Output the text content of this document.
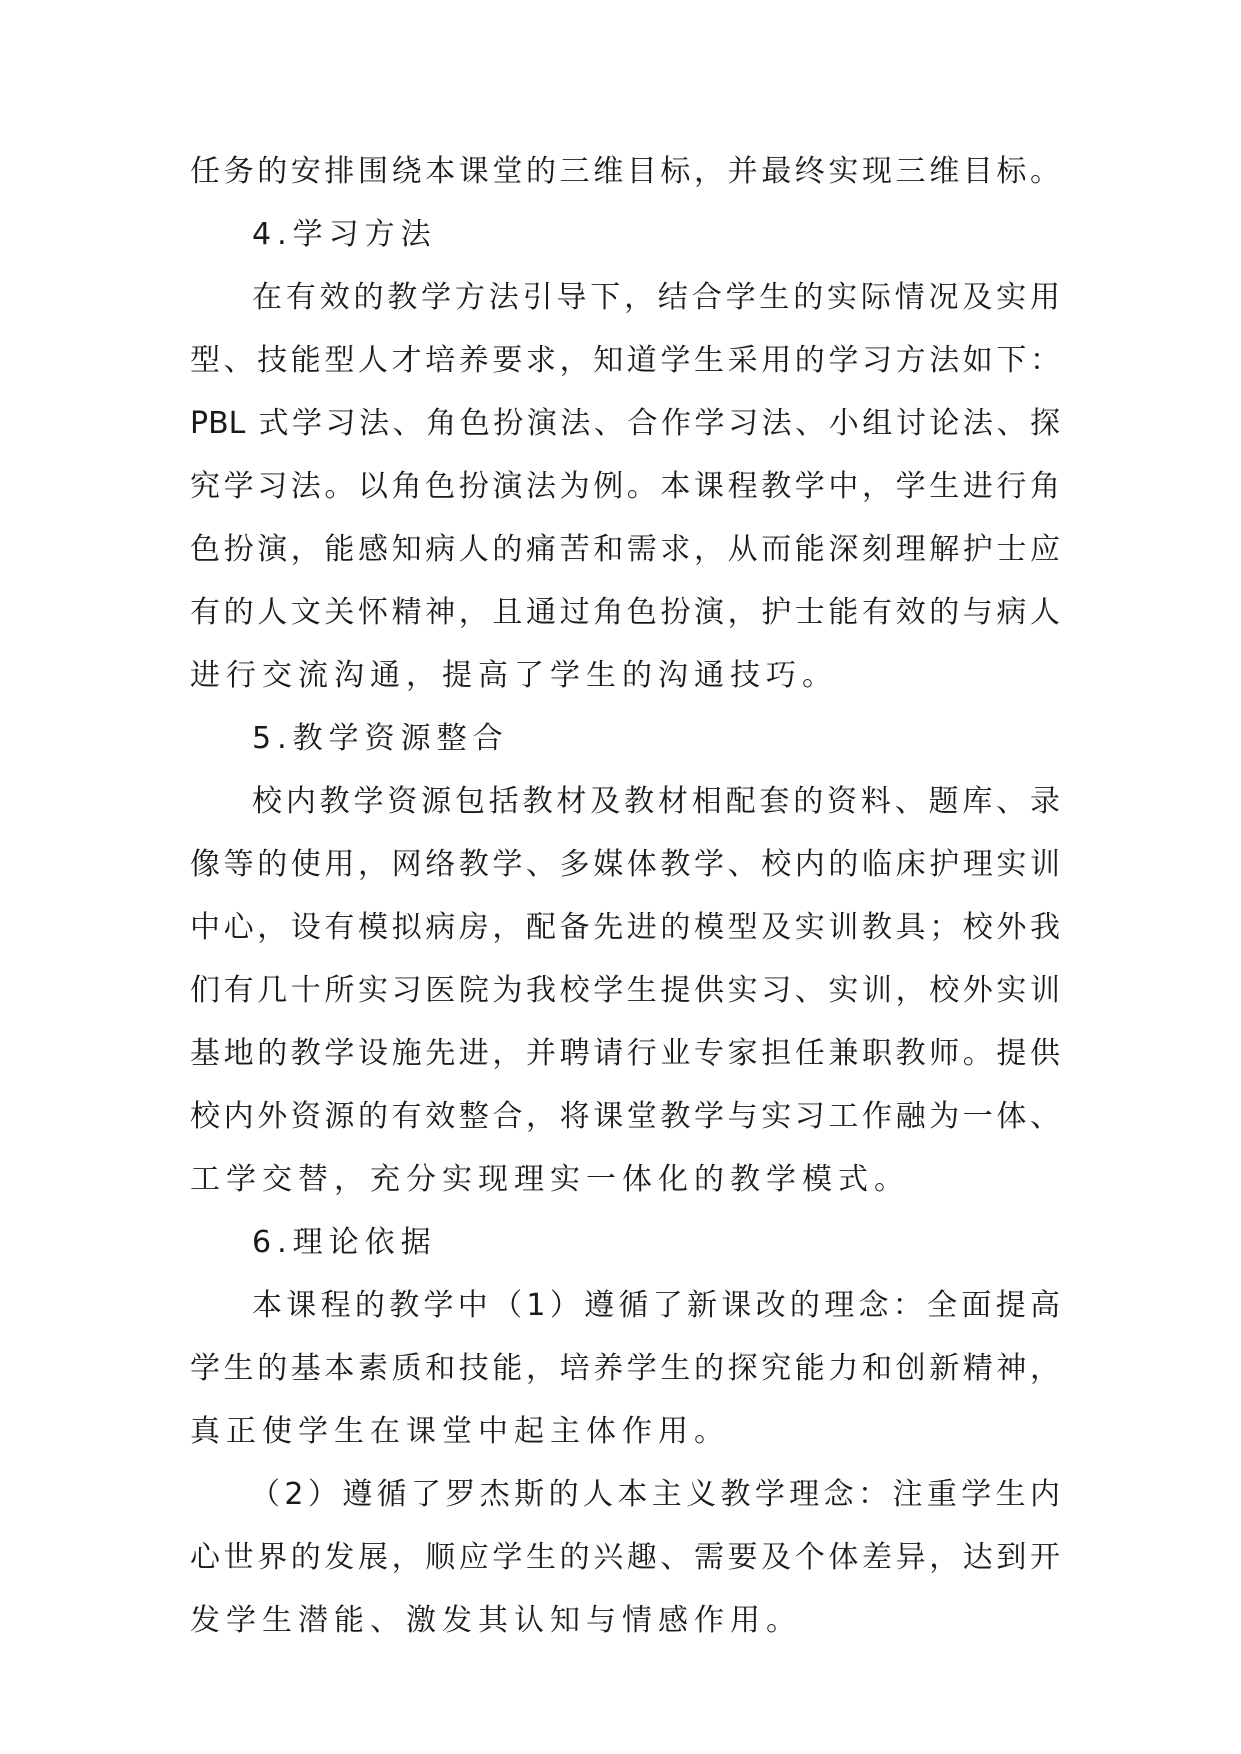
任务的安排围绕本课堂的三维目标，并最终实现三维目标。
4.学习方法
在有效的教学方法引导下，结合学生的实际情况及实用
型、技能型人才培养要求，知道学生采用的学习方法如下：
PBL 式学习法、角色扮演法、合作学习法、小组讨论法、探
究学习法。以角色扮演法为例。本课程教学中，学生进行角
色扮演，能感知病人的痛苦和需求，从而能深刻理解护士应
有的人文关怀精神，且通过角色扮演，护士能有效的与病人
进行交流沟通，提高了学生的沟通技巧。
5.教学资源整合
校内教学资源包括教材及教材相配套的资料、题库、录
像等的使用，网络教学、多媒体教学、校内的临床护理实训
中心，设有模拟病房，配备先进的模型及实训教具；校外我
们有几十所实习医院为我校学生提供实习、实训，校外实训
基地的教学设施先进，并聘请行业专家担任兼职教师。提供
校内外资源的有效整合，将课堂教学与实习工作融为一体、
工学交替，充分实现理实一体化的教学模式。
6.理论依据
本课程的教学中（1）遵循了新课改的理念：全面提高
学生的基本素质和技能，培养学生的探究能力和创新精神，
真正使学生在课堂中起主体作用。
（2）遵循了罗杰斯的人本主义教学理念：注重学生内
心世界的发展，顺应学生的兴趣、需要及个体差异，达到开
发学生潜能、激发其认知与情感作用。
